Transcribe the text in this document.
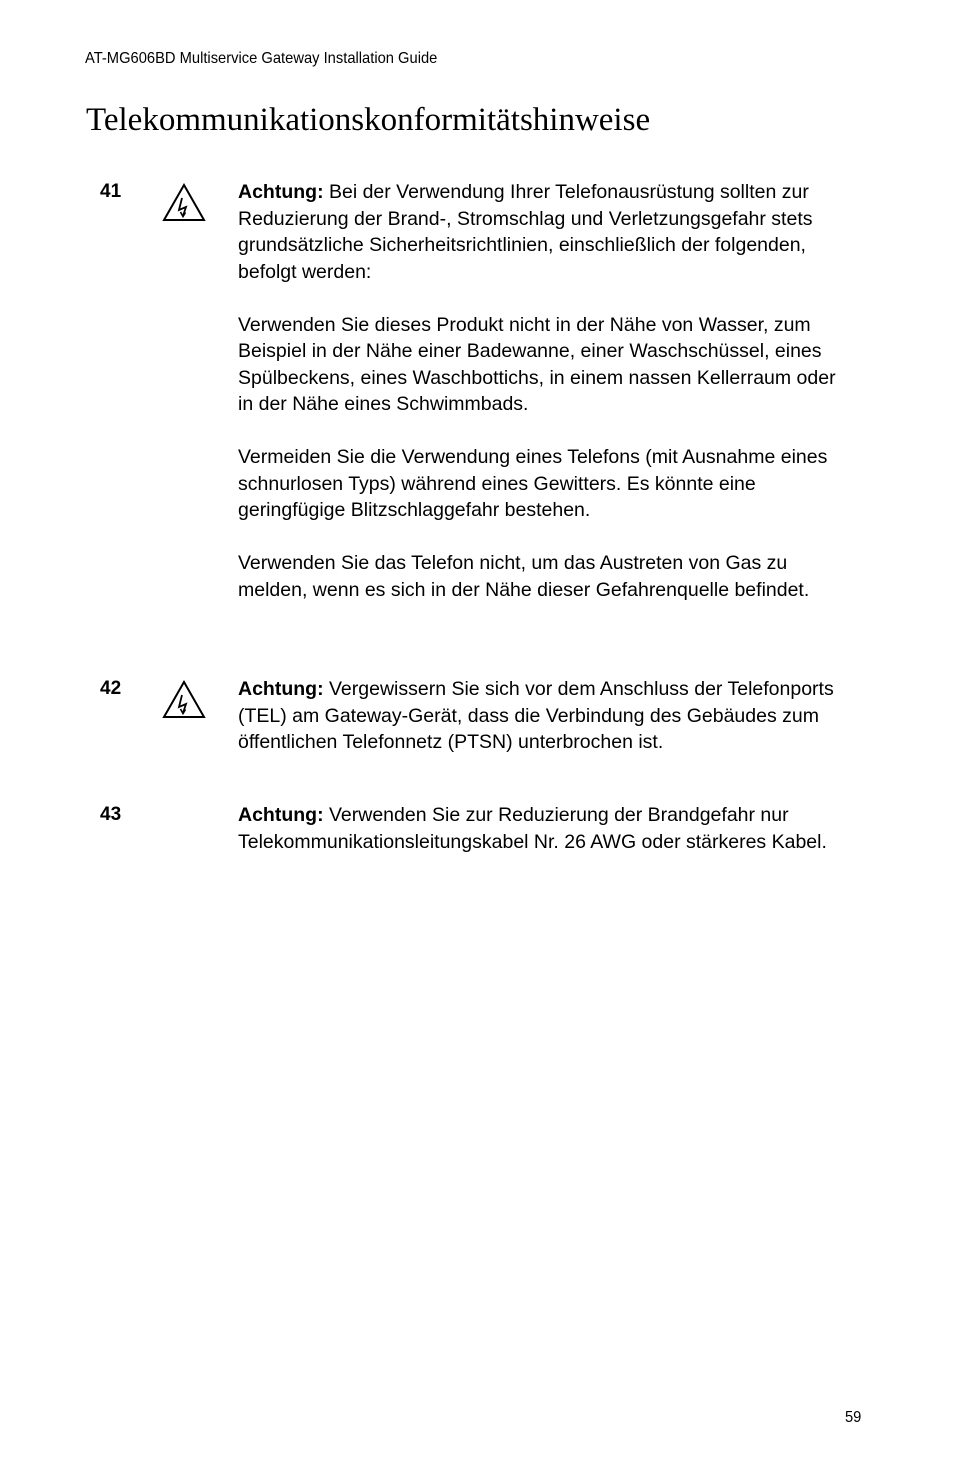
AT-MG606BD Multiservice Gateway Installation Guide
Telekommunikationskonformitätshinweise
41	Achtung: Bei der Verwendung Ihrer Telefonausrüstung sollten zur Reduzierung der Brand-, Stromschlag und Verletzungsgefahr stets grundsätzliche Sicherheitsrichtlinien, einschließlich der folgenden, befolgt werden:

Verwenden Sie dieses Produkt nicht in der Nähe von Wasser, zum Beispiel in der Nähe einer Badewanne, einer Waschschüssel, eines Spülbeckens, eines Waschbottichs, in einem nassen Kellerraum oder in der Nähe eines Schwimmbads.

Vermeiden Sie die Verwendung eines Telefons (mit Ausnahme eines schnurlosen Typs) während eines Gewitters. Es könnte eine geringfügige Blitzschlaggefahr bestehen.

Verwenden Sie das Telefon nicht, um das Austreten von Gas zu melden, wenn es sich in der Nähe dieser Gefahrenquelle befindet.

42	Achtung: Vergewissern Sie sich vor dem Anschluss der Telefonports (TEL) am Gateway-Gerät, dass die Verbindung des Gebäudes zum öffentlichen Telefonnetz (PTSN) unterbrochen ist.

43	Achtung: Verwenden Sie zur Reduzierung der Brandgefahr nur Telekommunikationsleitungskabel Nr. 26 AWG oder stärkeres Kabel.

59
